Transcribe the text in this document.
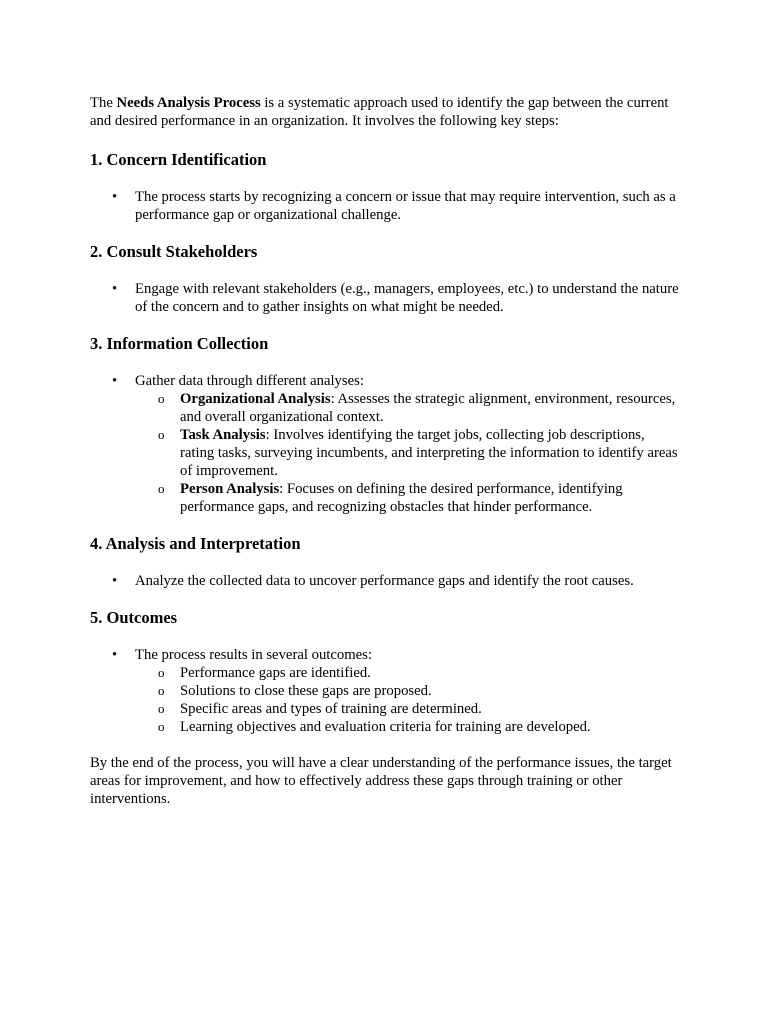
The Needs Analysis Process is a systematic approach used to identify the gap between the current and desired performance in an organization. It involves the following key steps:

1. Concern Identification
• The process starts by recognizing a concern or issue that may require intervention, such as a performance gap or organizational challenge.
2. Consult Stakeholders
• Engage with relevant stakeholders (e.g., managers, employees, etc.) to understand the nature of the concern and to gather insights on what might be needed.
3. Information Collection
• Gather data through different analyses:
o Organizational Analysis: Assesses the strategic alignment, environment, resources, and overall organizational context.
o Task Analysis: Involves identifying the target jobs, collecting job descriptions, rating tasks, surveying incumbents, and interpreting the information to identify areas of improvement.
o Person Analysis: Focuses on defining the desired performance, identifying performance gaps, and recognizing obstacles that hinder performance.
4. Analysis and Interpretation
• Analyze the collected data to uncover performance gaps and identify the root causes.
5. Outcomes
• The process results in several outcomes:
o Performance gaps are identified.
o Solutions to close these gaps are proposed.
o Specific areas and types of training are determined.
o Learning objectives and evaluation criteria for training are developed.

By the end of the process, you will have a clear understanding of the performance issues, the target areas for improvement, and how to effectively address these gaps through training or other interventions.
